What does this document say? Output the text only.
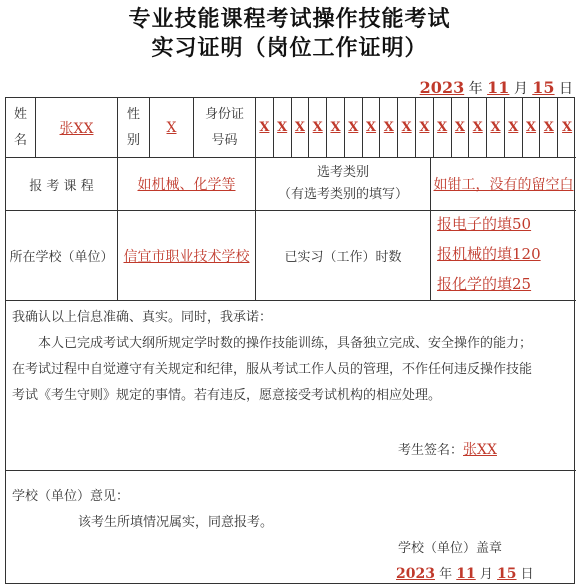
专业技能课程考试操作技能考试
实习证明（岗位工作证明）
2023 年 11 月 15 日
姓
名
张XX
性
别
X
身份证
号码
X X X X X X X X X X X X X X X X X X
报 考 课 程	如机械、化学等
选考类别
（有选考类别的填写）
如钳工，没有的留空白
所在学校（单位） 信宜市职业技术学校	已实习（工作）时数
报电子的填50
报机械的填120
报化学的填25
我确认以上信息准确、真实。同时，我承诺：
　　本人已完成考试大纲所规定学时数的操作技能训练，具备独立完成、安全操作的能力；
在考试过程中自觉遵守有关规定和纪律，服从考试工作人员的管理，不作任何违反操作技能
考试《考生守则》规定的事情。若有违反，愿意接受考试机构的相应处理。
考生签名：张XX
学校（单位）意见：
该考生所填情况属实，同意报考。
学校（单位）盖章
2023 年 11 月 15 日
